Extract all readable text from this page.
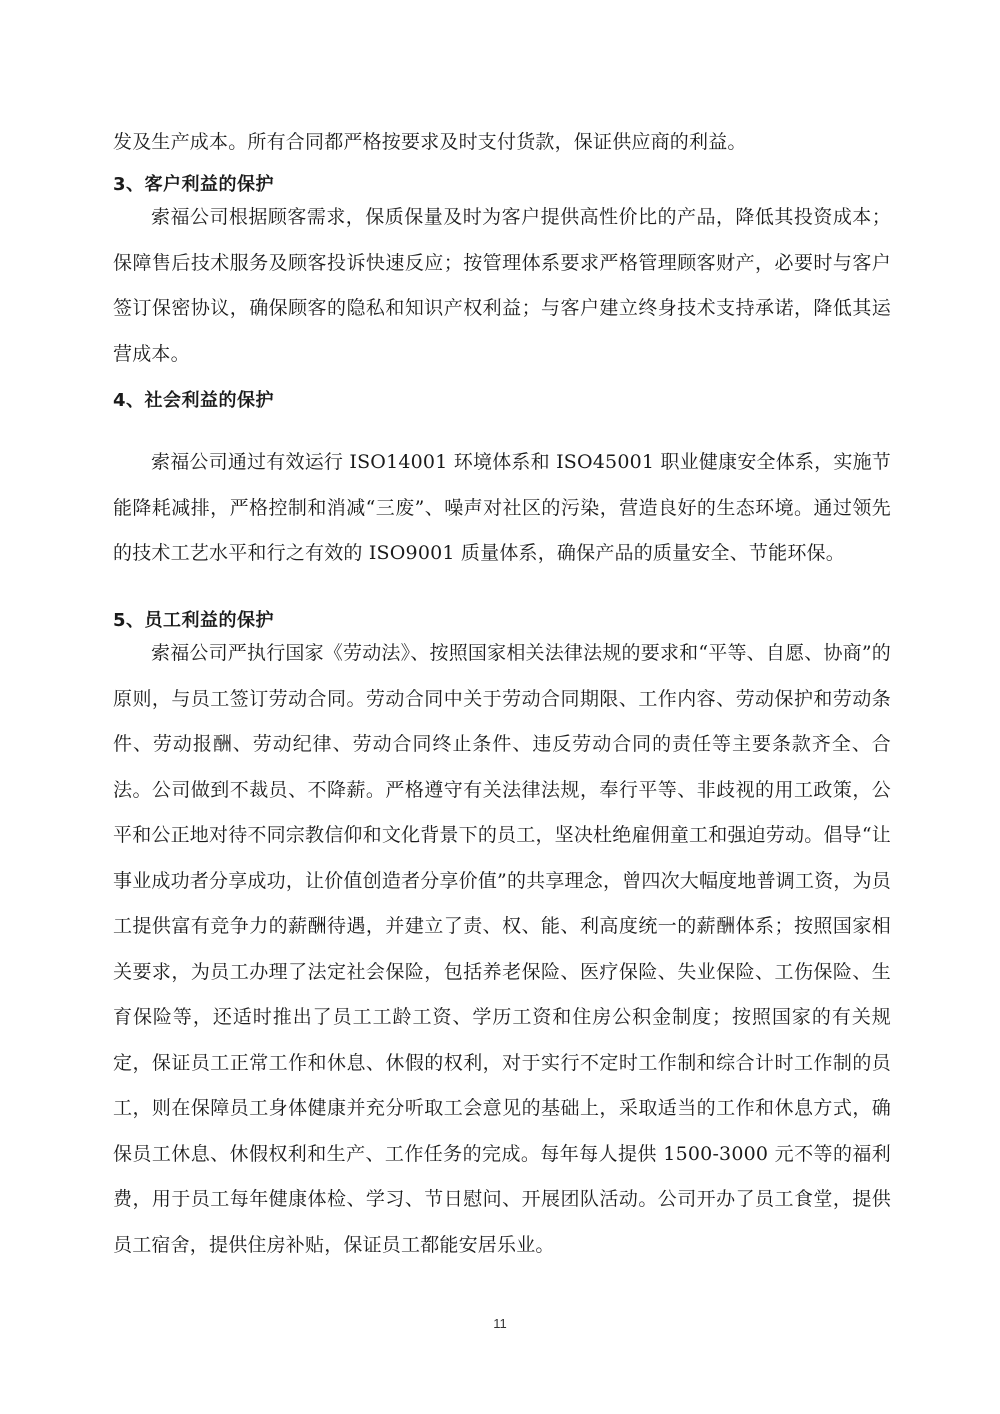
发及生产成本。所有合同都严格按要求及时支付货款，保证供应商的利益。

3、客户利益的保护

索福公司根据顾客需求，保质保量及时为客户提供高性价比的产品，降低其投资成本；保障售后技术服务及顾客投诉快速反应；按管理体系要求严格管理顾客财产，必要时与客户签订保密协议，确保顾客的隐私和知识产权利益；与客户建立终身技术支持承诺，降低其运营成本。

4、社会利益的保护

索福公司通过有效运行 ISO14001 环境体系和 ISO45001 职业健康安全体系，实施节能降耗减排，严格控制和消减“三废”、噪声对社区的污染，营造良好的生态环境。通过领先的技术工艺水平和行之有效的 ISO9001 质量体系，确保产品的质量安全、节能环保。

5、员工利益的保护

索福公司严执行国家《劳动法》、按照国家相关法律法规的要求和“平等、自愿、协商”的原则，与员工签订劳动合同。劳动合同中关于劳动合同期限、工作内容、劳动保护和劳动条件、劳动报酬、劳动纪律、劳动合同终止条件、违反劳动合同的责任等主要条款齐全、合法。公司做到不裁员、不降薪。严格遵守有关法律法规，奉行平等、非歧视的用工政策，公平和公正地对待不同宗教信仰和文化背景下的员工，坚决杜绝雇佣童工和强迫劳动。倡导“让事业成功者分享成功，让价值创造者分享价值”的共享理念，曾四次大幅度地普调工资，为员工提供富有竞争力的薪酬待遇，并建立了责、权、能、利高度统一的薪酬体系；按照国家相关要求，为员工办理了法定社会保险，包括养老保险、医疗保险、失业保险、工伤保险、生育保险等，还适时推出了员工工龄工资、学历工资和住房公积金制度；按照国家的有关规定，保证员工正常工作和休息、休假的权利，对于实行不定时工作制和综合计时工作制的员工，则在保障员工身体健康并充分听取工会意见的基础上，采取适当的工作和休息方式，确保员工休息、休假权利和生产、工作任务的完成。每年每人提供 1500-3000 元不等的福利费，用于员工每年健康体检、学习、节日慰问、开展团队活动。公司开办了员工食堂，提供员工宿舍，提供住房补贴，保证员工都能安居乐业。

11
